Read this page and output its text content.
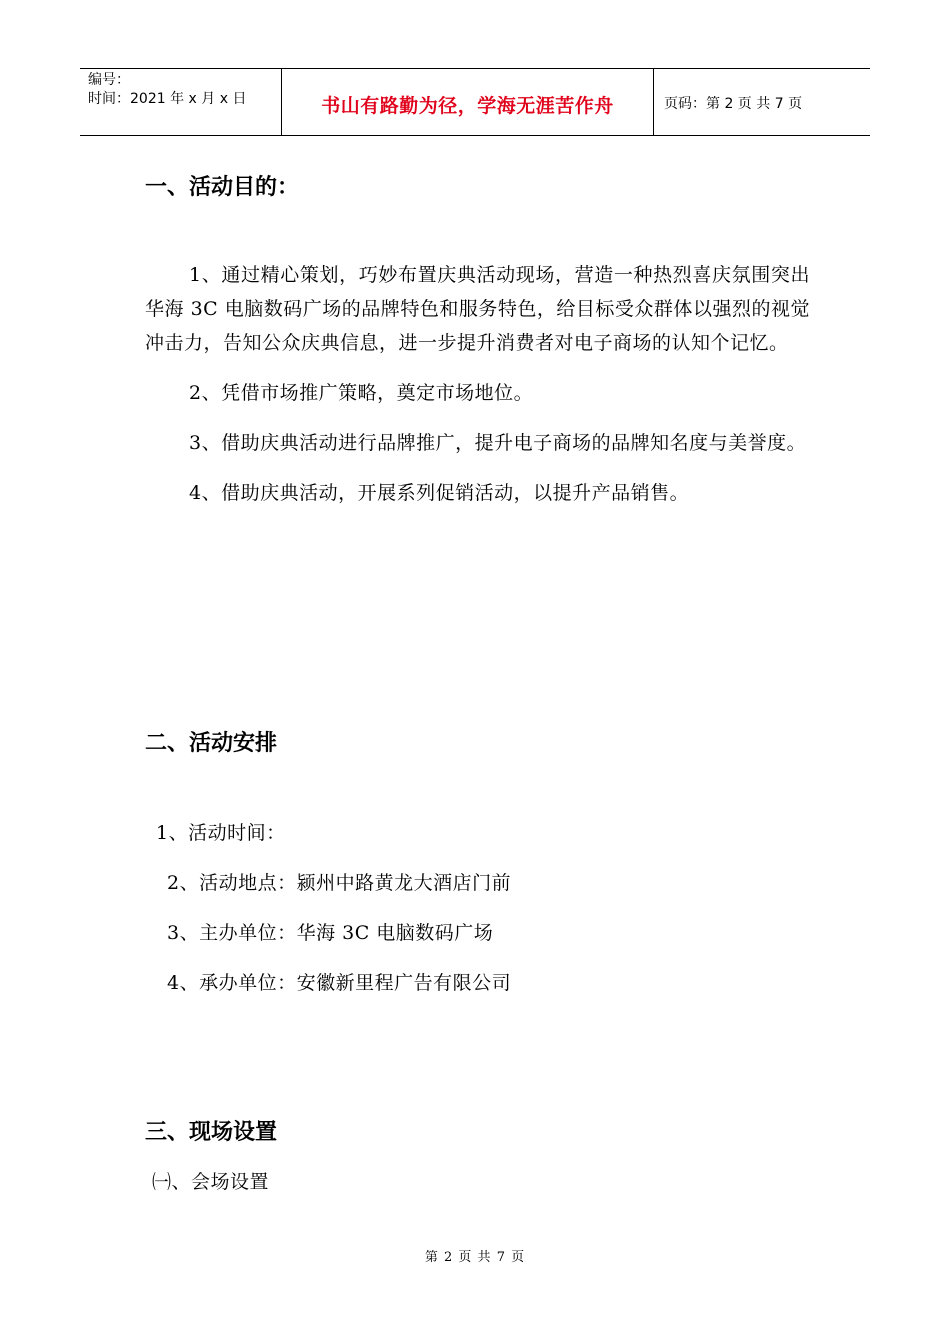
编号：
时间：2021 年 x 月 x 日	书山有路勤为径，学海无涯苦作舟	页码：第 2 页 共 7 页
一、活动目的：
1、通过精心策划，巧妙布置庆典活动现场，营造一种热烈喜庆氛围突出华海 3C 电脑数码广场的品牌特色和服务特色，给目标受众群体以强烈的视觉冲击力，告知公众庆典信息，进一步提升消费者对电子商场的认知个记忆。
2、凭借市场推广策略，奠定市场地位。
3、借助庆典活动进行品牌推广，提升电子商场的品牌知名度与美誉度。
4、借助庆典活动，开展系列促销活动，以提升产品销售。
二、活动安排
1、活动时间：
2、活动地点：颍州中路黄龙大酒店门前
3、主办单位：华海 3C 电脑数码广场
4、承办单位：安徽新里程广告有限公司
三、现场设置
㈠、会场设置
第 2 页 共 7 页
